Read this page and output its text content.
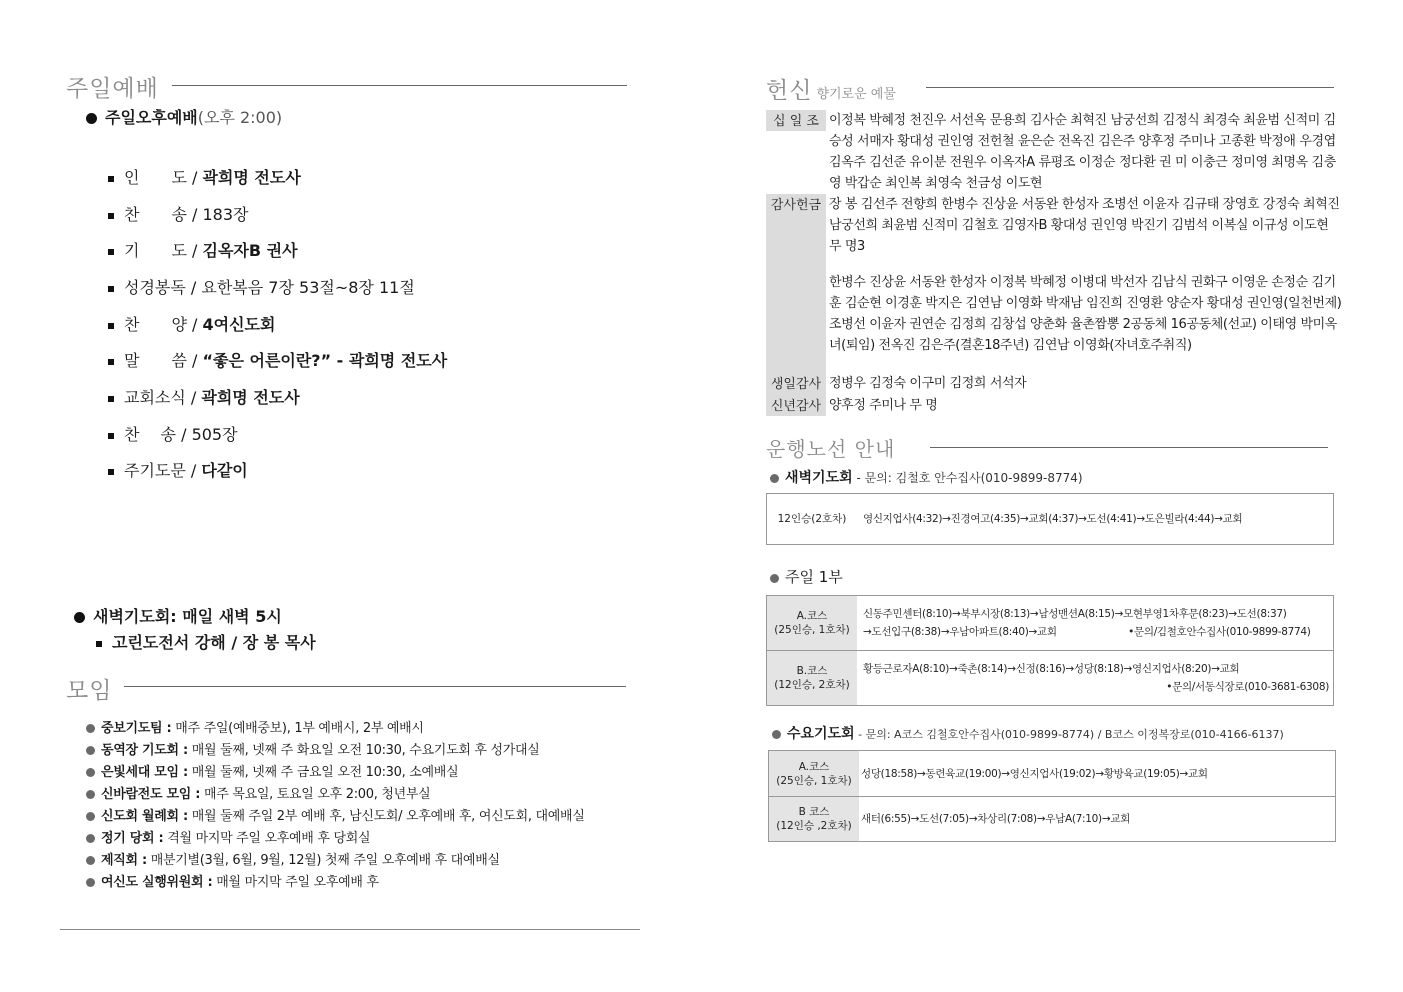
주일예배
주일오후예배(오후 2:00)
인　　도 / 곽희명 전도사
찬　　송 / 183장
기　　도 / 김옥자B 권사
성경봉독 / 요한복음 7장 53절~8장 11절
찬　　양 / 4여신도회
말　　씀 / “좋은 어른이란?” - 곽희명 전도사
교회소식 / 곽희명 전도사
찬　 송 / 505장
주기도문 / 다같이
새벽기도회: 매일 새벽 5시
고린도전서 강해 / 장 봉 목사
모임
중보기도팀 : 매주 주일(예배중보), 1부 예배시, 2부 예배시
동역장 기도회 : 매월 둘째, 넷째 주 화요일 오전 10:30, 수요기도회 후 성가대실
은빛세대 모임 : 매월 둘째, 넷째 주 금요일 오전 10:30, 소예배실
신바람전도 모임 : 매주 목요일, 토요일 오후 2:00, 청년부실
신도회 월례회 : 매월 둘째 주일 2부 예배 후, 남신도회/ 오후예배 후, 여신도회, 대예배실
정기 당회 : 격월 마지막 주일 오후예배 후 당회실
제직회 : 매분기별(3월, 6월, 9월, 12월) 첫째 주일 오후예배 후 대예배실
여신도 실행위원회 : 매월 마지막 주일 오후예배 후
헌신 향기로운 예물
십 일 조 이정복 박혜정 천진우 서선옥 문용희 김사순 최혁진 남궁선희 김정식 최경숙 최윤범 신적미 김승성 서매자 황대성 권인영 전헌철 윤은순 전옥진 김은주 양후정 주미나 고종환 박정애 우경엽 김옥주 김선준 유이분 전원우 이옥자A 류평조 이정순 정다환 권 미 이충근 정미영 최명옥 김충영 박갑순 최인복 최영숙 천금성 이도현
감사헌금 장 봉 김선주 전향희 한병수 진상윤 서동완 한성자 조병선 이윤자 김규태 장영호 강정숙 최혁진 남궁선희 최윤범 신적미 김철호 김영자B 황대성 권인영 박진기 김범석 이복실 이규성 이도현 무 명3
한병수 진상윤 서동완 한성자 이정복 박혜정 이병대 박선자 김남식 권화구 이영운 손정순 김기훈 김순현 이경훈 박지은 김연남 이영화 박재남 임진희 진영환 양순자 황대성 권인영(일천번제) 조병선 이윤자 권연순 김정희 김창섭 양춘화 율촌짬뽕 2공동체 16공동체(선교) 이태영 박미옥녀(퇴임) 전옥진 김은주(결혼18주년) 김연남 이영화(자녀호주취직)
생일감사 정병우 김정숙 이구미 김정희 서석자
신년감사 양후정 주미나 무 명
운행노선 안내
새벽기도회 - 문의: 김철호 안수집사(010-9899-8774)
12인승(2호차)	영신지업사(4:32)→진경여고(4:35)→교회(4:37)→도선(4:41)→도은빌라(4:44)→교회
주일 1부
A.코스
(25인승, 1호차)
신동주민센터(8:10)→북부시장(8:13)→남성맨션A(8:15)→모현부영1차후문(8:23)→도선(8:37)
→도선입구(8:38)→우남아파트(8:40)→교회　　　　　　　•문의/김철호안수집사(010-9899-8774)
B.코스
(12인승, 2호차)
황등근로자A(8:10)→죽촌(8:14)→신정(8:16)→성당(8:18)→영신지업사(8:20)→교회
•문의/서동식장로(010-3681-6308)
수요기도회 - 문의: A코스 김철호안수집사(010-9899-8774) / B코스 이정복장로(010-4166-6137)
A.코스
(25인승, 1호차)
성당(18:58)→동련육교(19:00)→영신지업사(19:02)→황방육교(19:05)→교회
B 코스
(12인승 ,2호차)
새터(6:55)→도선(7:05)→차상리(7:08)→우남A(7:10)→교회
